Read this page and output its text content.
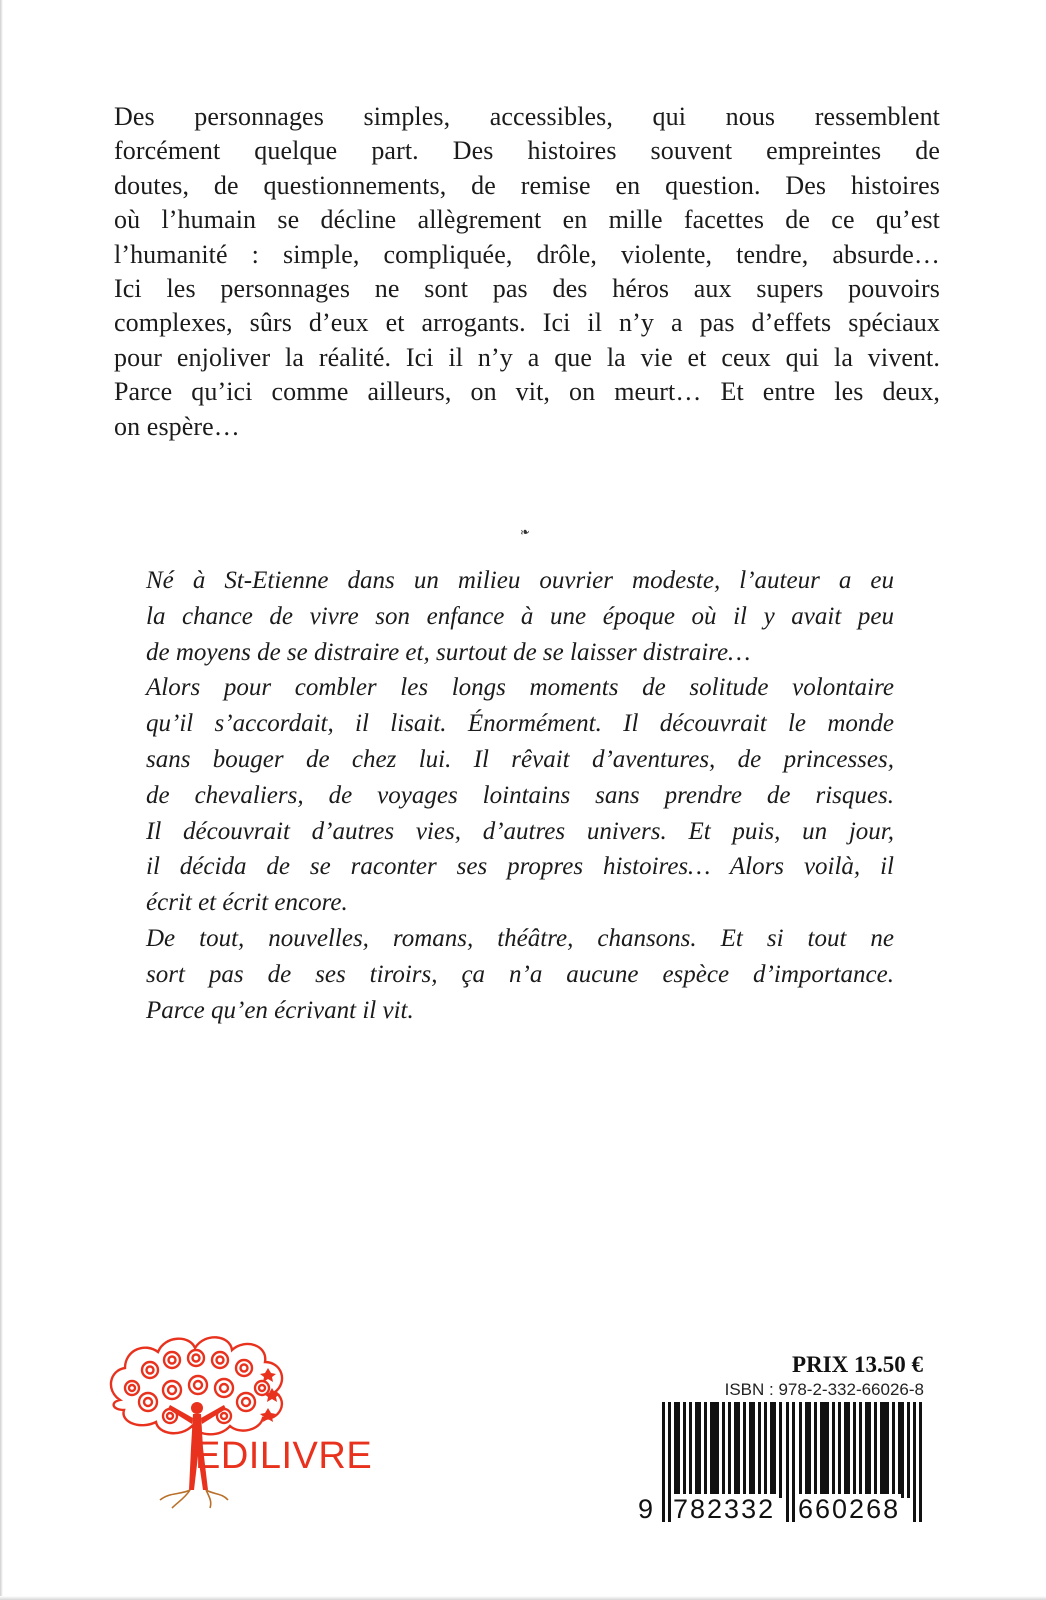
Des personnages simples, accessibles, qui nous ressemblent
forcément quelque part. Des histoires souvent empreintes de
doutes, de questionnements, de remise en question. Des histoires
où l’humain se décline allègrement en mille facettes de ce qu’est
l’humanité : simple, compliquée, drôle, violente, tendre, absurde…
Ici les personnages ne sont pas des héros aux supers pouvoirs
complexes, sûrs d’eux et arrogants. Ici il n’y a pas d’effets spéciaux
pour enjoliver la réalité. Ici il n’y a que la vie et ceux qui la vivent.
Parce qu’ici comme ailleurs, on vit, on meurt… Et entre les deux,
on espère…
❧
Né à St-Etienne dans un milieu ouvrier modeste, l’auteur a eu
la chance de vivre son enfance à une époque où il y avait peu
de moyens de se distraire et, surtout de se laisser distraire…
Alors pour combler les longs moments de solitude volontaire
qu’il s’accordait, il lisait. Énormément. Il découvrait le monde
sans bouger de chez lui. Il rêvait d’aventures, de princesses,
de chevaliers, de voyages lointains sans prendre de risques.
Il découvrait d’autres vies, d’autres univers. Et puis, un jour,
il décida de se raconter ses propres histoires… Alors voilà, il
écrit et écrit encore.
De tout, nouvelles, romans, théâtre, chansons. Et si tout ne
sort pas de ses tiroirs, ça n’a aucune espèce d’importance.
Parce qu’en écrivant il vit.
EDILIVRE
PRIX 13.50 €
ISBN : 978-2-332-66026-8
9 782332 660268
